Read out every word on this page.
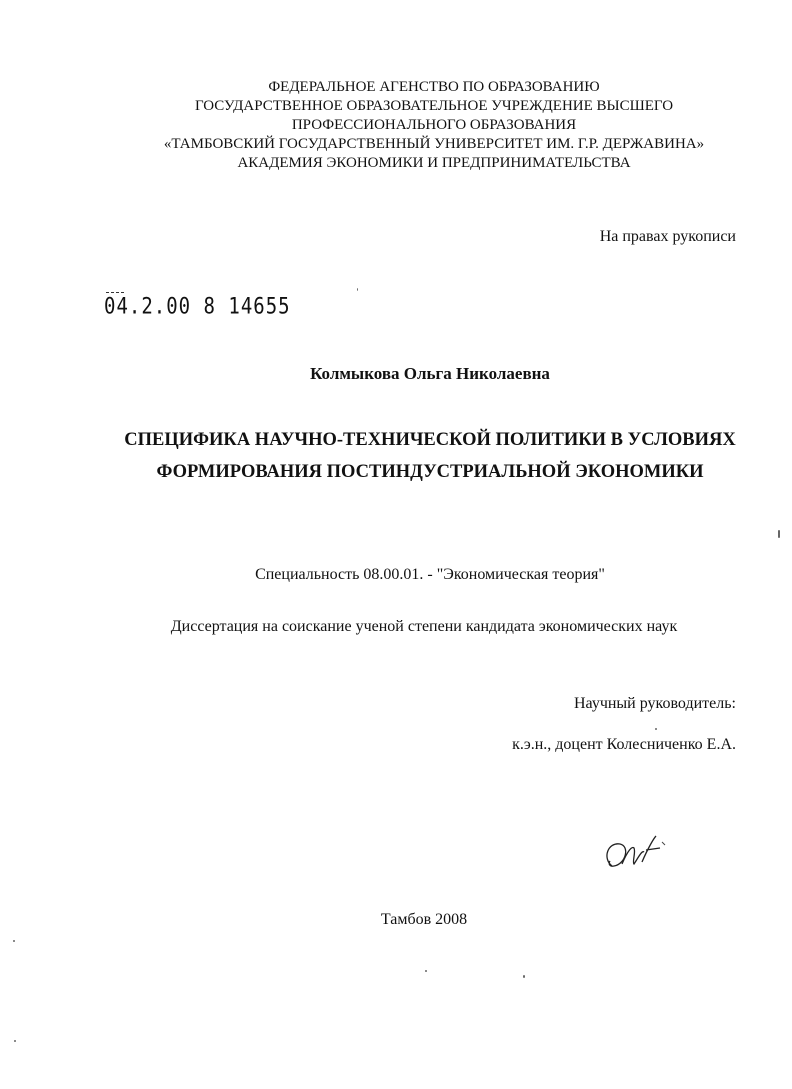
ФЕДЕРАЛЬНОЕ АГЕНСТВО ПО ОБРАЗОВАНИЮ
ГОСУДАРСТВЕННОЕ ОБРАЗОВАТЕЛЬНОЕ УЧРЕЖДЕНИЕ ВЫСШЕГО
ПРОФЕССИОНАЛЬНОГО ОБРАЗОВАНИЯ
«ТАМБОВСКИЙ ГОСУДАРСТВЕННЫЙ УНИВЕРСИТЕТ ИМ. Г.Р. ДЕРЖАВИНА»
АКАДЕМИЯ ЭКОНОМИКИ И ПРЕДПРИНИМАТЕЛЬСТВА
На правах рукописи
04.2.00 8 14655
Колмыкова Ольга Николаевна
СПЕЦИФИКА НАУЧНО-ТЕХНИЧЕСКОЙ ПОЛИТИКИ В УСЛОВИЯХ
ФОРМИРОВАНИЯ ПОСТИНДУСТРИАЛЬНОЙ ЭКОНОМИКИ
Специальность 08.00.01. - "Экономическая теория"
Диссертация на соискание ученой степени кандидата экономических наук
Научный руководитель:
к.э.н., доцент Колесниченко Е.А.
Тамбов 2008
